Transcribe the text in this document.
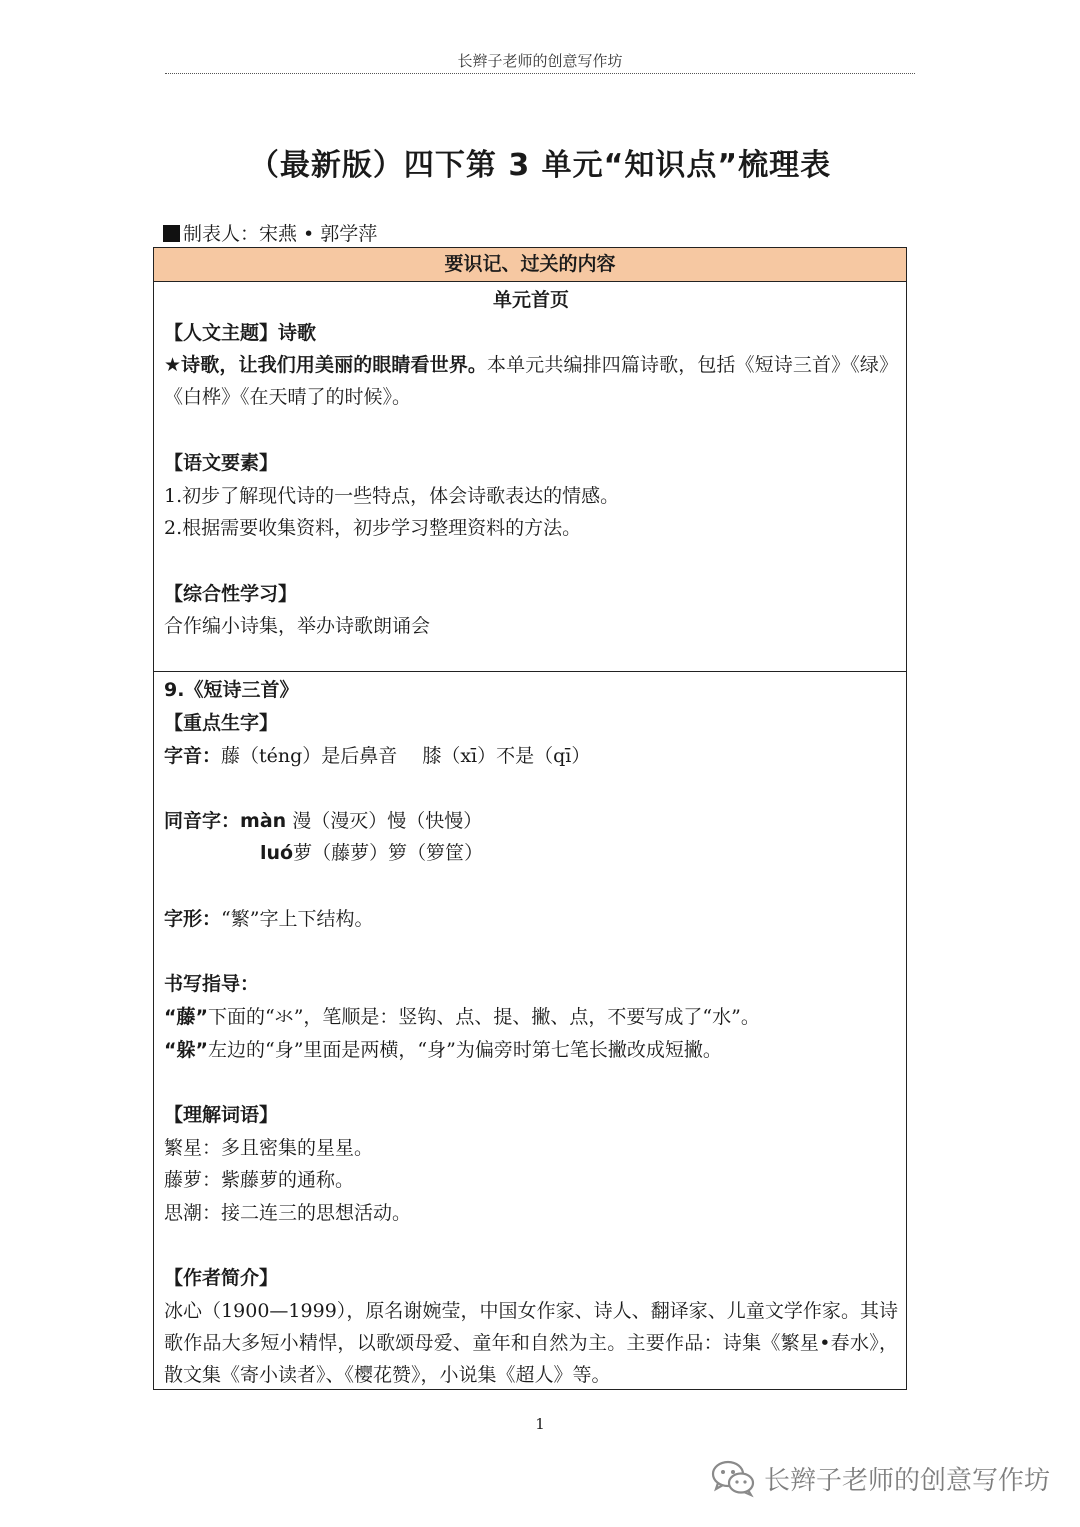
长辫子老师的创意写作坊
（最新版）四下第 3 单元“知识点”梳理表
制表人：宋燕 • 郭学萍
要识记、过关的内容
单元首页
【人文主题】诗歌
★诗歌，让我们用美丽的眼睛看世界。本单元共编排四篇诗歌，包括《短诗三首》《绿》《白桦》《在天晴了的时候》。
【语文要素】
1.初步了解现代诗的一些特点，体会诗歌表达的情感。
2.根据需要收集资料，初步学习整理资料的方法。
【综合性学习】
合作编小诗集，举办诗歌朗诵会
9.《短诗三首》
【重点生字】
字音：藤（téng）是后鼻音　 膝（xī）不是（qī）
同音字：màn 漫（漫灭）慢（快慢）
luó萝（藤萝）箩（箩筐）
字形：“繁”字上下结构。
书写指导：
“藤”下面的“氺”，笔顺是：竖钩、点、提、撇、点，不要写成了“水”。
“躲”左边的“身”里面是两横，“身”为偏旁时第七笔长撇改成短撇。
【理解词语】
繁星：多且密集的星星。
藤萝：紫藤萝的通称。
思潮：接二连三的思想活动。
【作者简介】
冰心（1900—1999），原名谢婉莹，中国女作家、诗人、翻译家、儿童文学作家。其诗歌作品大多短小精悍，以歌颂母爱、童年和自然为主。主要作品：诗集《繁星•春水》，散文集《寄小读者》、《樱花赞》，小说集《超人》等。
1
长辫子老师的创意写作坊
